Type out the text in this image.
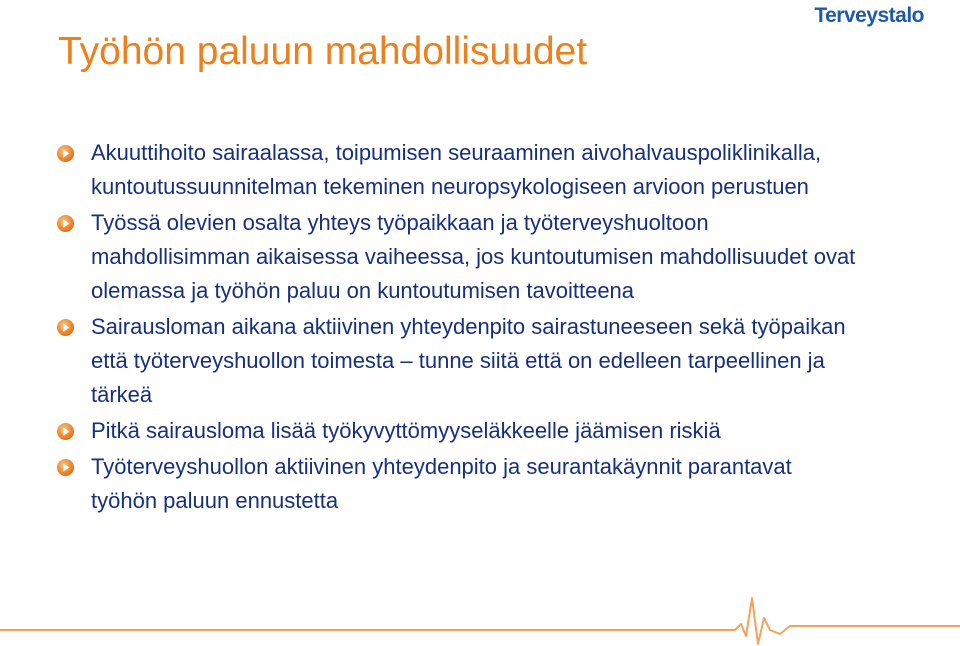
Terveystalo
Työhön paluun mahdollisuudet
Akuuttihoito sairaalassa, toipumisen seuraaminen aivohalvauspoliklinikalla, kuntoutussuunnitelman tekeminen neuropsykologiseen arvioon perustuen
Työssä olevien osalta yhteys työpaikkaan ja työterveyshuoltoon mahdollisimman aikaisessa vaiheessa, jos kuntoutumisen mahdollisuudet ovat olemassa ja työhön paluu on kuntoutumisen tavoitteena
Sairausloman aikana aktiivinen yhteydenpito sairastuneeseen sekä työpaikan että työterveyshuollon toimesta – tunne siitä että on edelleen tarpeellinen ja tärkeä
Pitkä sairausloma lisää työkyvyttömyyseläkkeelle jäämisen riskiä
Työterveyshuollon aktiivinen yhteydenpito ja seurantakäynnit parantavat työhön paluun ennustetta
